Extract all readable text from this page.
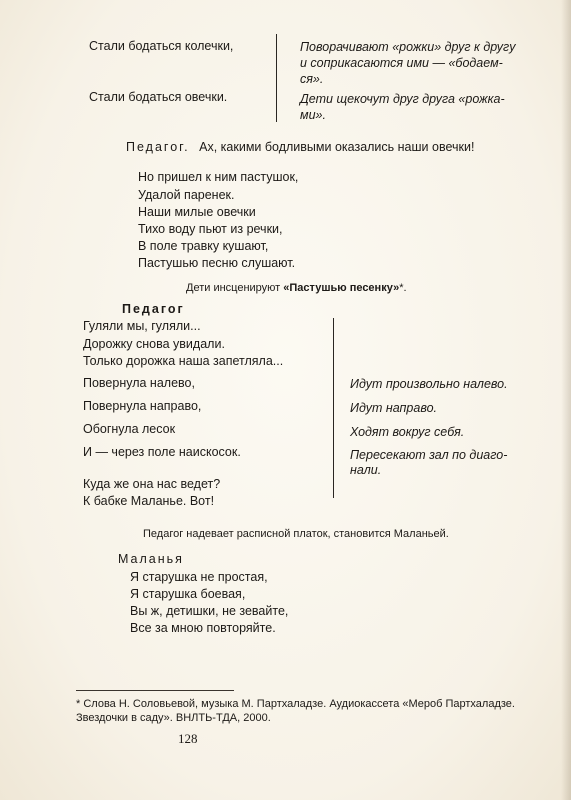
Стали бодаться колечки,	Поворачивают «рожки» друг к другу
и соприкасаются ими — «бодаем-
ся».
Стали бодаться овечки.	Дети щекочут друг друга «рожка-
ми».
Педагог. Ах, какими бодливыми оказались наши овечки!
Но пришел к ним пастушок,
Удалой паренек.
Наши милые овечки
Тихо воду пьют из речки,
В поле травку кушают,
Пастушью песню слушают.
Дети инсценируют «Пастушью песенку»*.
Педагог
Гуляли мы, гуляли...
Дорожку снова увидали.
Только дорожка наша запетляла...
Повернула налево,
Повернула направо,
Обогнула лесок
И — через поле наискосок.
Идут произвольно налево.
Идут направо.
Ходят вокруг себя.
Пересекают зал по диаго-
нали.
Куда же она нас ведет?
К бабке Маланье. Вот!
Педагог надевает расписной платок, становится Маланьей.
Маланья
Я старушка не простая,
Я старушка боевая,
Вы ж, детишки, не зевайте,
Все за мною повторяйте.
* Слова Н. Соловьевой, музыка М. Партхаладзе. Аудиокассета «Мероб Партхаладзе.
Звездочки в саду». ВНЛТЬ-ТДА, 2000.
128
